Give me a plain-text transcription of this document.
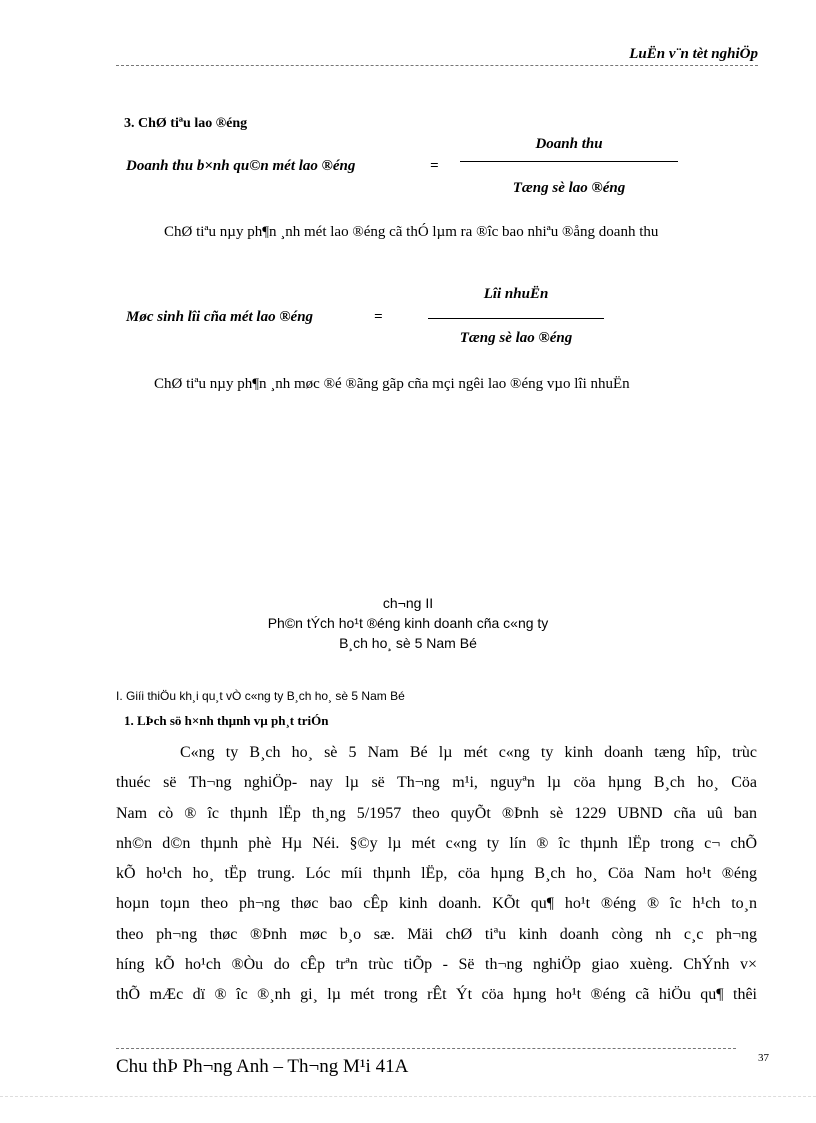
LuËn v¨n tèt nghiÖp
3. ChØ tiªu lao ®éng
Doanh thu b×nh qu©n mét lao ®éng	=
Doanh thu
Tæng sè lao ®éng
ChØ tiªu nµy ph¶n ¸nh mét lao ®éng cã thÓ lµm ra ®îc bao nhiªu ®ång doanh thu
Møc sinh lîi cña mét lao ®éng	=
Lîi nhuËn
Tæng sè lao ®éng
ChØ tiªu nµy ph¶n ¸nh møc ®é ®ãng gãp cña mçi ngêi lao ®éng vµo lîi nhuËn
ch¬ng II
Ph©n tÝch ho¹t ®éng kinh doanh cña c«ng ty
B¸ch ho¸ sè 5 Nam Bé
I. Giíi thiÖu kh¸i qu¸t vÒ c«ng ty B¸ch ho¸ sè 5 Nam Bé
1. LÞch sö h×nh thµnh vµ ph¸t triÓn
C«ng ty B¸ch ho¸ sè 5 Nam Bé lµ mét c«ng ty kinh doanh tæng hîp, trùc
thuéc së Th¬ng nghiÖp- nay lµ së Th¬ng m¹i, nguyªn lµ cöa hµng B¸ch ho¸ Cöa
Nam cò ® îc thµnh lËp th¸ng 5/1957 theo quyÕt ®Þnh sè 1229 UBND cña uû ban
nh©n d©n thµnh phè Hµ Néi. §©y lµ mét c«ng ty lín ® îc thµnh lËp trong c¬ chÕ
kÕ ho¹ch ho¸ tËp trung. Lóc míi thµnh lËp, cöa hµng B¸ch ho¸ Cöa Nam ho¹t ®éng
hoµn toµn theo ph¬ng thøc bao cÊp kinh doanh. KÕt qu¶ ho¹t ®éng ® îc h¹ch to¸n
theo ph¬ng thøc ®Þnh møc b¸o sæ. Mäi chØ tiªu kinh doanh còng nh c¸c ph¬ng
híng kÕ ho¹ch ®Òu do cÊp trªn trùc tiÕp - Së th¬ng nghiÖp giao xuèng. ChÝnh v×
thÕ mÆc dï ® îc ®¸nh gi¸ lµ mét trong rÊt Ýt cöa hµng ho¹t ®éng cã hiÖu qu¶ thêi
Chu thÞ Ph¬ng Anh – Th¬ng M¹i 41A	37
